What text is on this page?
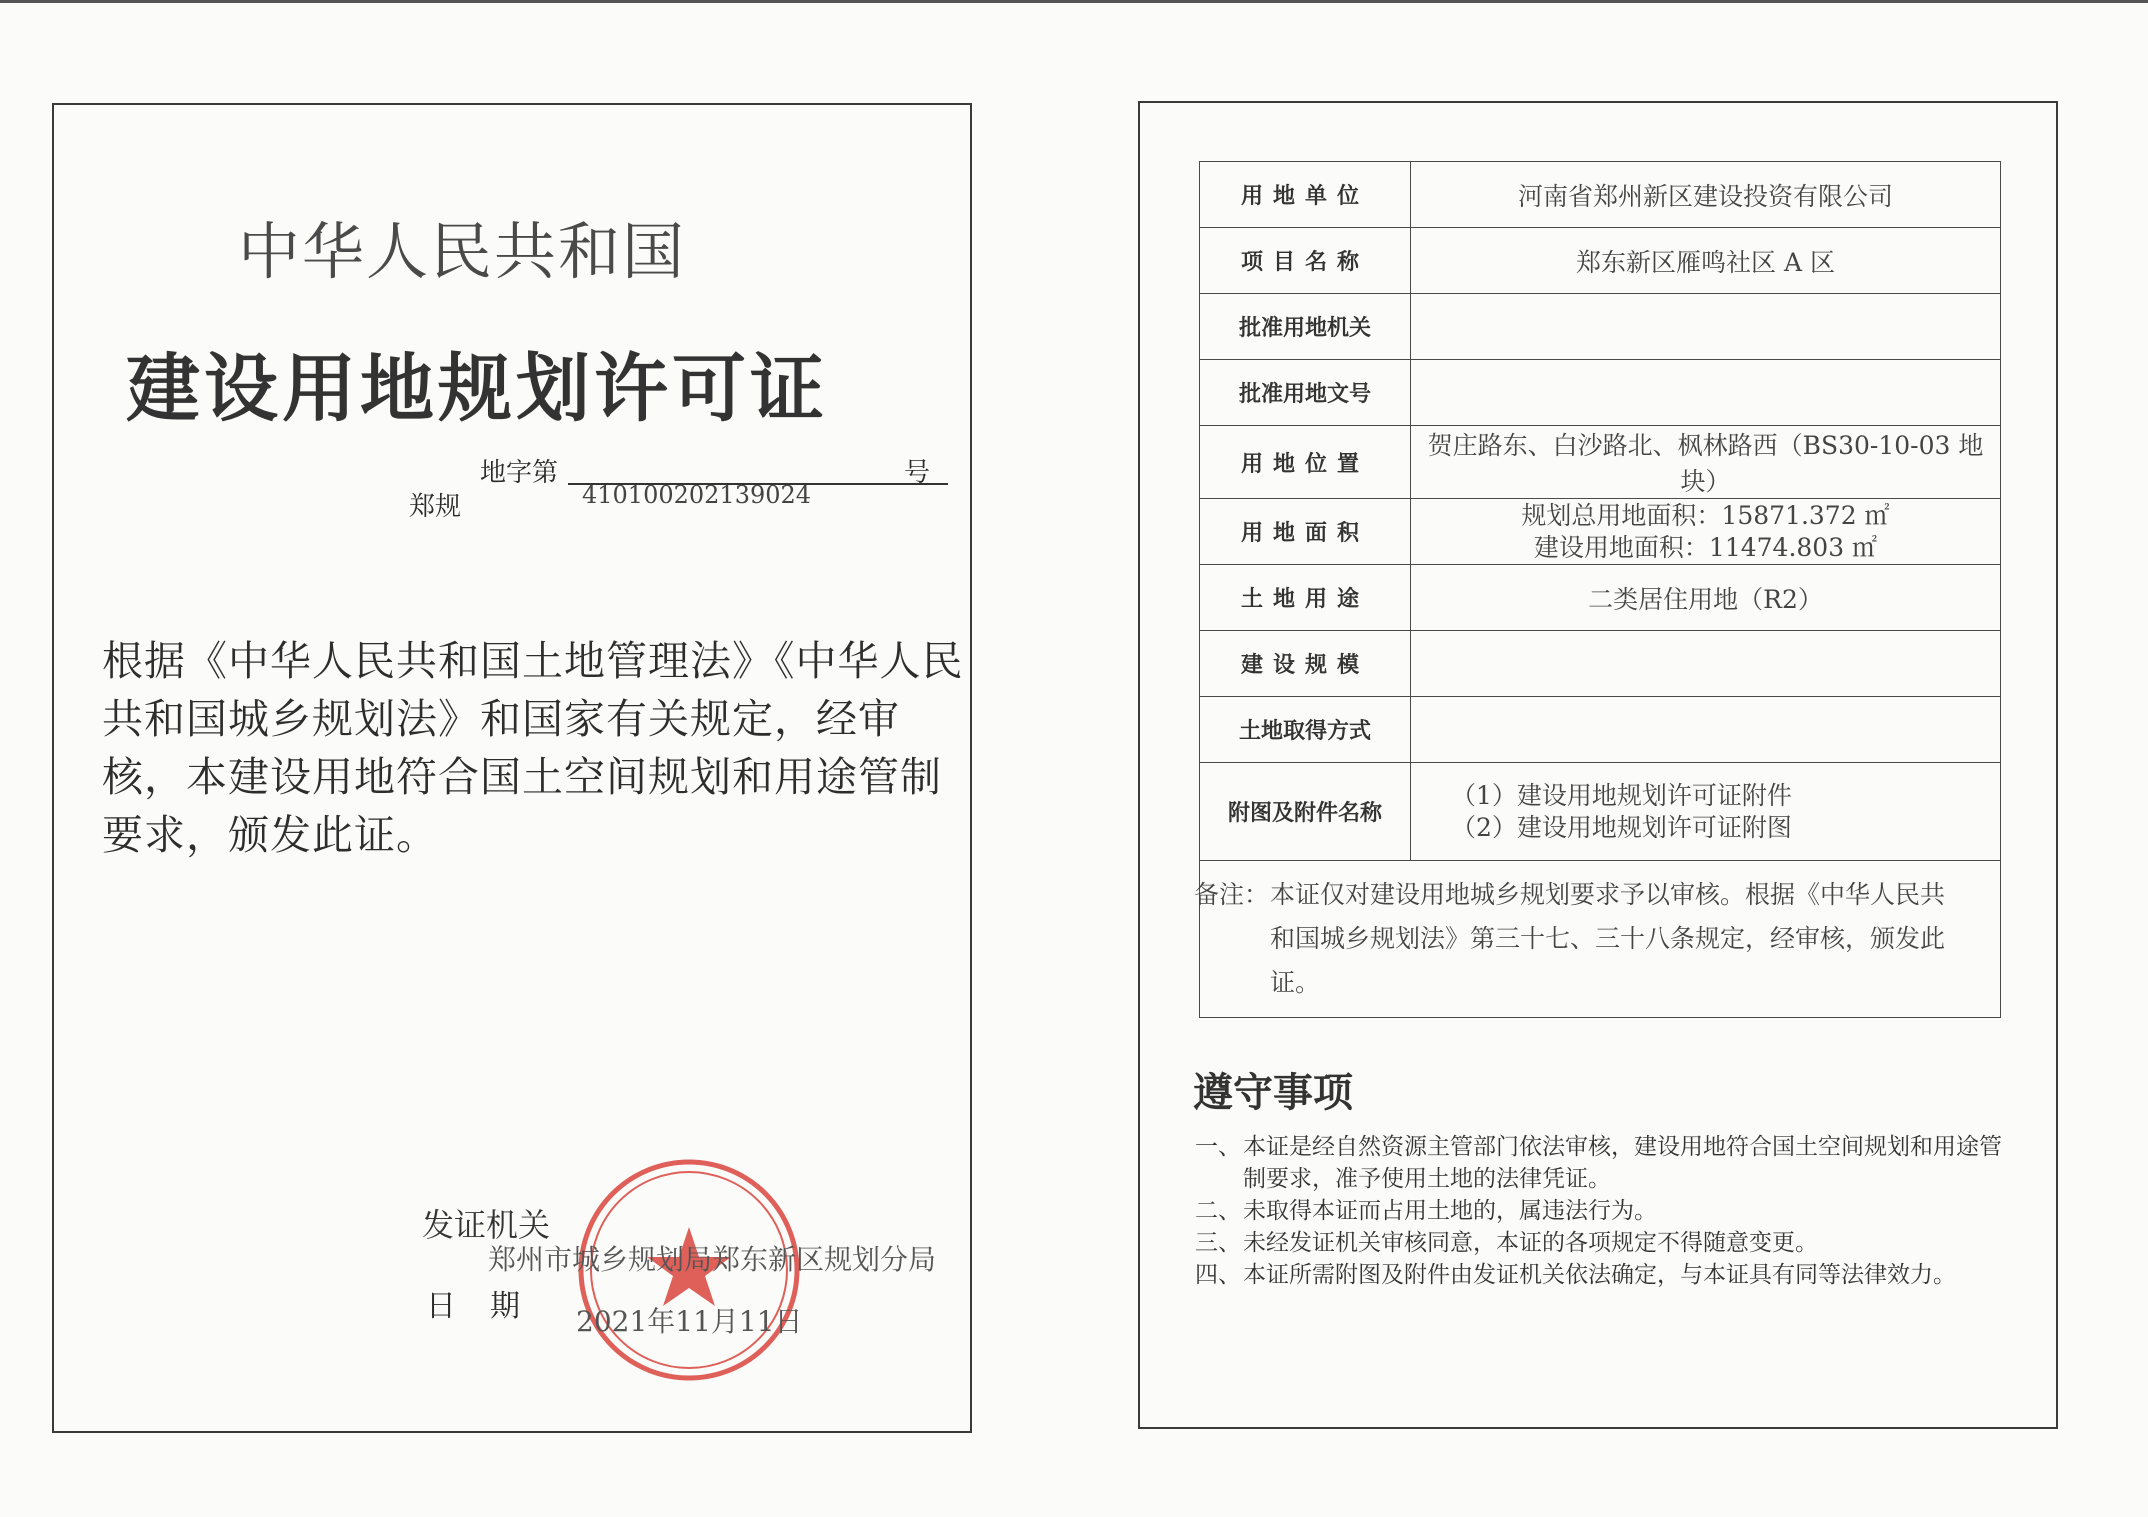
中华人民共和国
建设用地规划许可证
地字第	号
郑规	410100202139024
根据《中华人民共和国土地管理法》《中华人民共和国城乡规划法》和国家有关规定，经审核，本建设用地符合国土空间规划和用途管制要求，颁发此证。
发证机关
郑州市城乡规划局郑东新区规划分局
日期 2021年11月11日
用地单位	河南省郑州新区建设投资有限公司
项目名称	郑东新区雁鸣社区 A 区
批准用地机关	
批准用地文号	
用地位置	贺庄路东、白沙路北、枫林路西（BS30-10-03 地块）
用地面积	规划总用地面积：15871.372 ㎡
建设用地面积：11474.803 ㎡

土地用途	二类居住用地（R2）
建设规模	
土地取得方式	
附图及附件名称	（1）建设用地规划许可证附件
（2）建设用地规划许可证附图

备注：本证仅对建设用地城乡规划要求予以审核。根据《中华人民共和国城乡规划法》第三十七、三十八条规定，经审核，颁发此证。	
遵守事项
一、 本证是经自然资源主管部门依法审核，建设用地符合国土空间规划和用途管制要求，准予使用土地的法律凭证。
二、 未取得本证而占用土地的，属违法行为。
三、 未经发证机关审核同意，本证的各项规定不得随意变更。
四、 本证所需附图及附件由发证机关依法确定，与本证具有同等法律效力。
